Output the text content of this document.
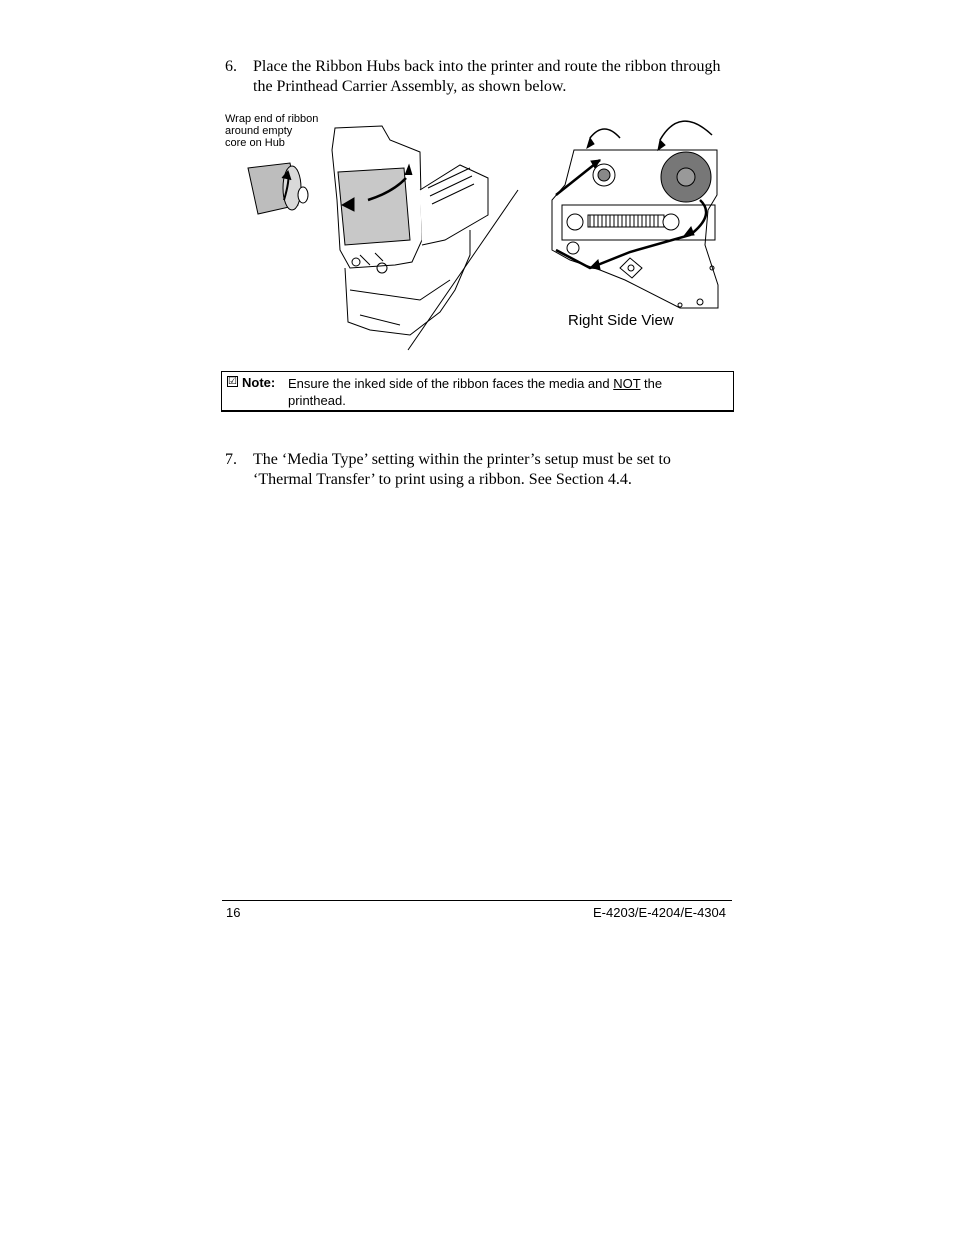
6. Place the Ribbon Hubs back into the printer and route the ribbon through the Printhead Carrier Assembly, as shown below.
Wrap end of ribbon
around empty
core on Hub
Right Side View
☑ Note: Ensure the inked side of the ribbon faces the media and NOT the printhead.
7. The ‘Media Type’ setting within the printer’s setup must be set to ‘Thermal Transfer’ to print using a ribbon. See Section 4.4.
16	E-4203/E-4204/E-4304
